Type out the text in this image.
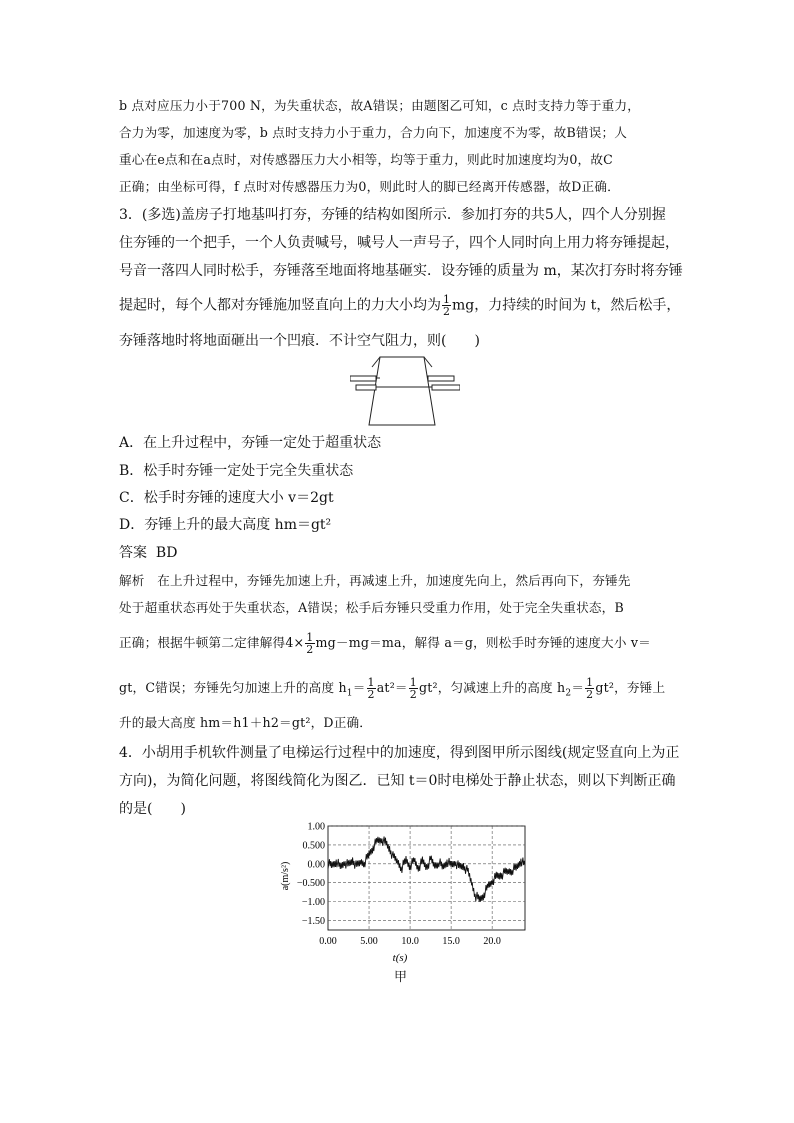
b 点对应压力小于700 N，为失重状态，故A错误；由题图乙可知，c 点时支持力等于重力，
合力为零，加速度为零，b 点时支持力小于重力，合力向下，加速度不为零，故B错误；人
重心在e点和在a点时，对传感器压力大小相等，均等于重力，则此时加速度均为0，故C
正确；由坐标可得，f 点时对传感器压力为0，则此时人的脚已经离开传感器，故D正确．
3．(多选)盖房子打地基叫打夯，夯锤的结构如图所示．参加打夯的共5人，四个人分别握
住夯锤的一个把手，一个人负责喊号，喊号人一声号子，四个人同时向上用力将夯锤提起，
号音一落四人同时松手，夯锤落至地面将地基砸实．设夯锤的质量为 m，某次打夯时将夯锤
提起时，每个人都对夯锤施加竖直向上的力大小均为 $\frac{1}{2}$ mg，力持续的时间为 t，然后松手，
夯锤落地时将地面砸出一个凹痕．不计空气阻力，则(　　)
A．在上升过程中，夯锤一定处于超重状态
B．松手时夯锤一定处于完全失重状态
C．松手时夯锤的速度大小 v＝2gt
D．夯锤上升的最大高度 hm＝gt²
答案 BD
解析 在上升过程中，夯锤先加速上升，再减速上升，加速度先向上，然后再向下，夯锤先
处于超重状态再处于失重状态，A错误；松手后夯锤只受重力作用，处于完全失重状态，B
正确；根据牛顿第二定律解得$4\times \frac{1}{2} mg-mg=ma$，解得 a＝g，则松手时夯锤的速度大小 v＝
gt，C错误；夯锤先匀加速上升的高度 $h_1= \frac{1}{2} at^2= \frac{1}{2} gt^2$，匀减速上升的高度 $h_2= \frac{1}{2} gt^2$，夯锤上
升的最大高度 hm＝h1＋h2＝gt²，D正确．
4．小胡用手机软件测量了电梯运行过程中的加速度，得到图甲所示图线(规定竖直向上为正
方向)，为简化问题，将图线简化为图乙．已知 t＝0时电梯处于静止状态，则以下判断正确
的是(　　)
1.00
0.500
0.00
−0.500
−1.00
−1.50
0.00 5.00 10.0 15.0 20.0
t(s)
a(m/s²)
甲
